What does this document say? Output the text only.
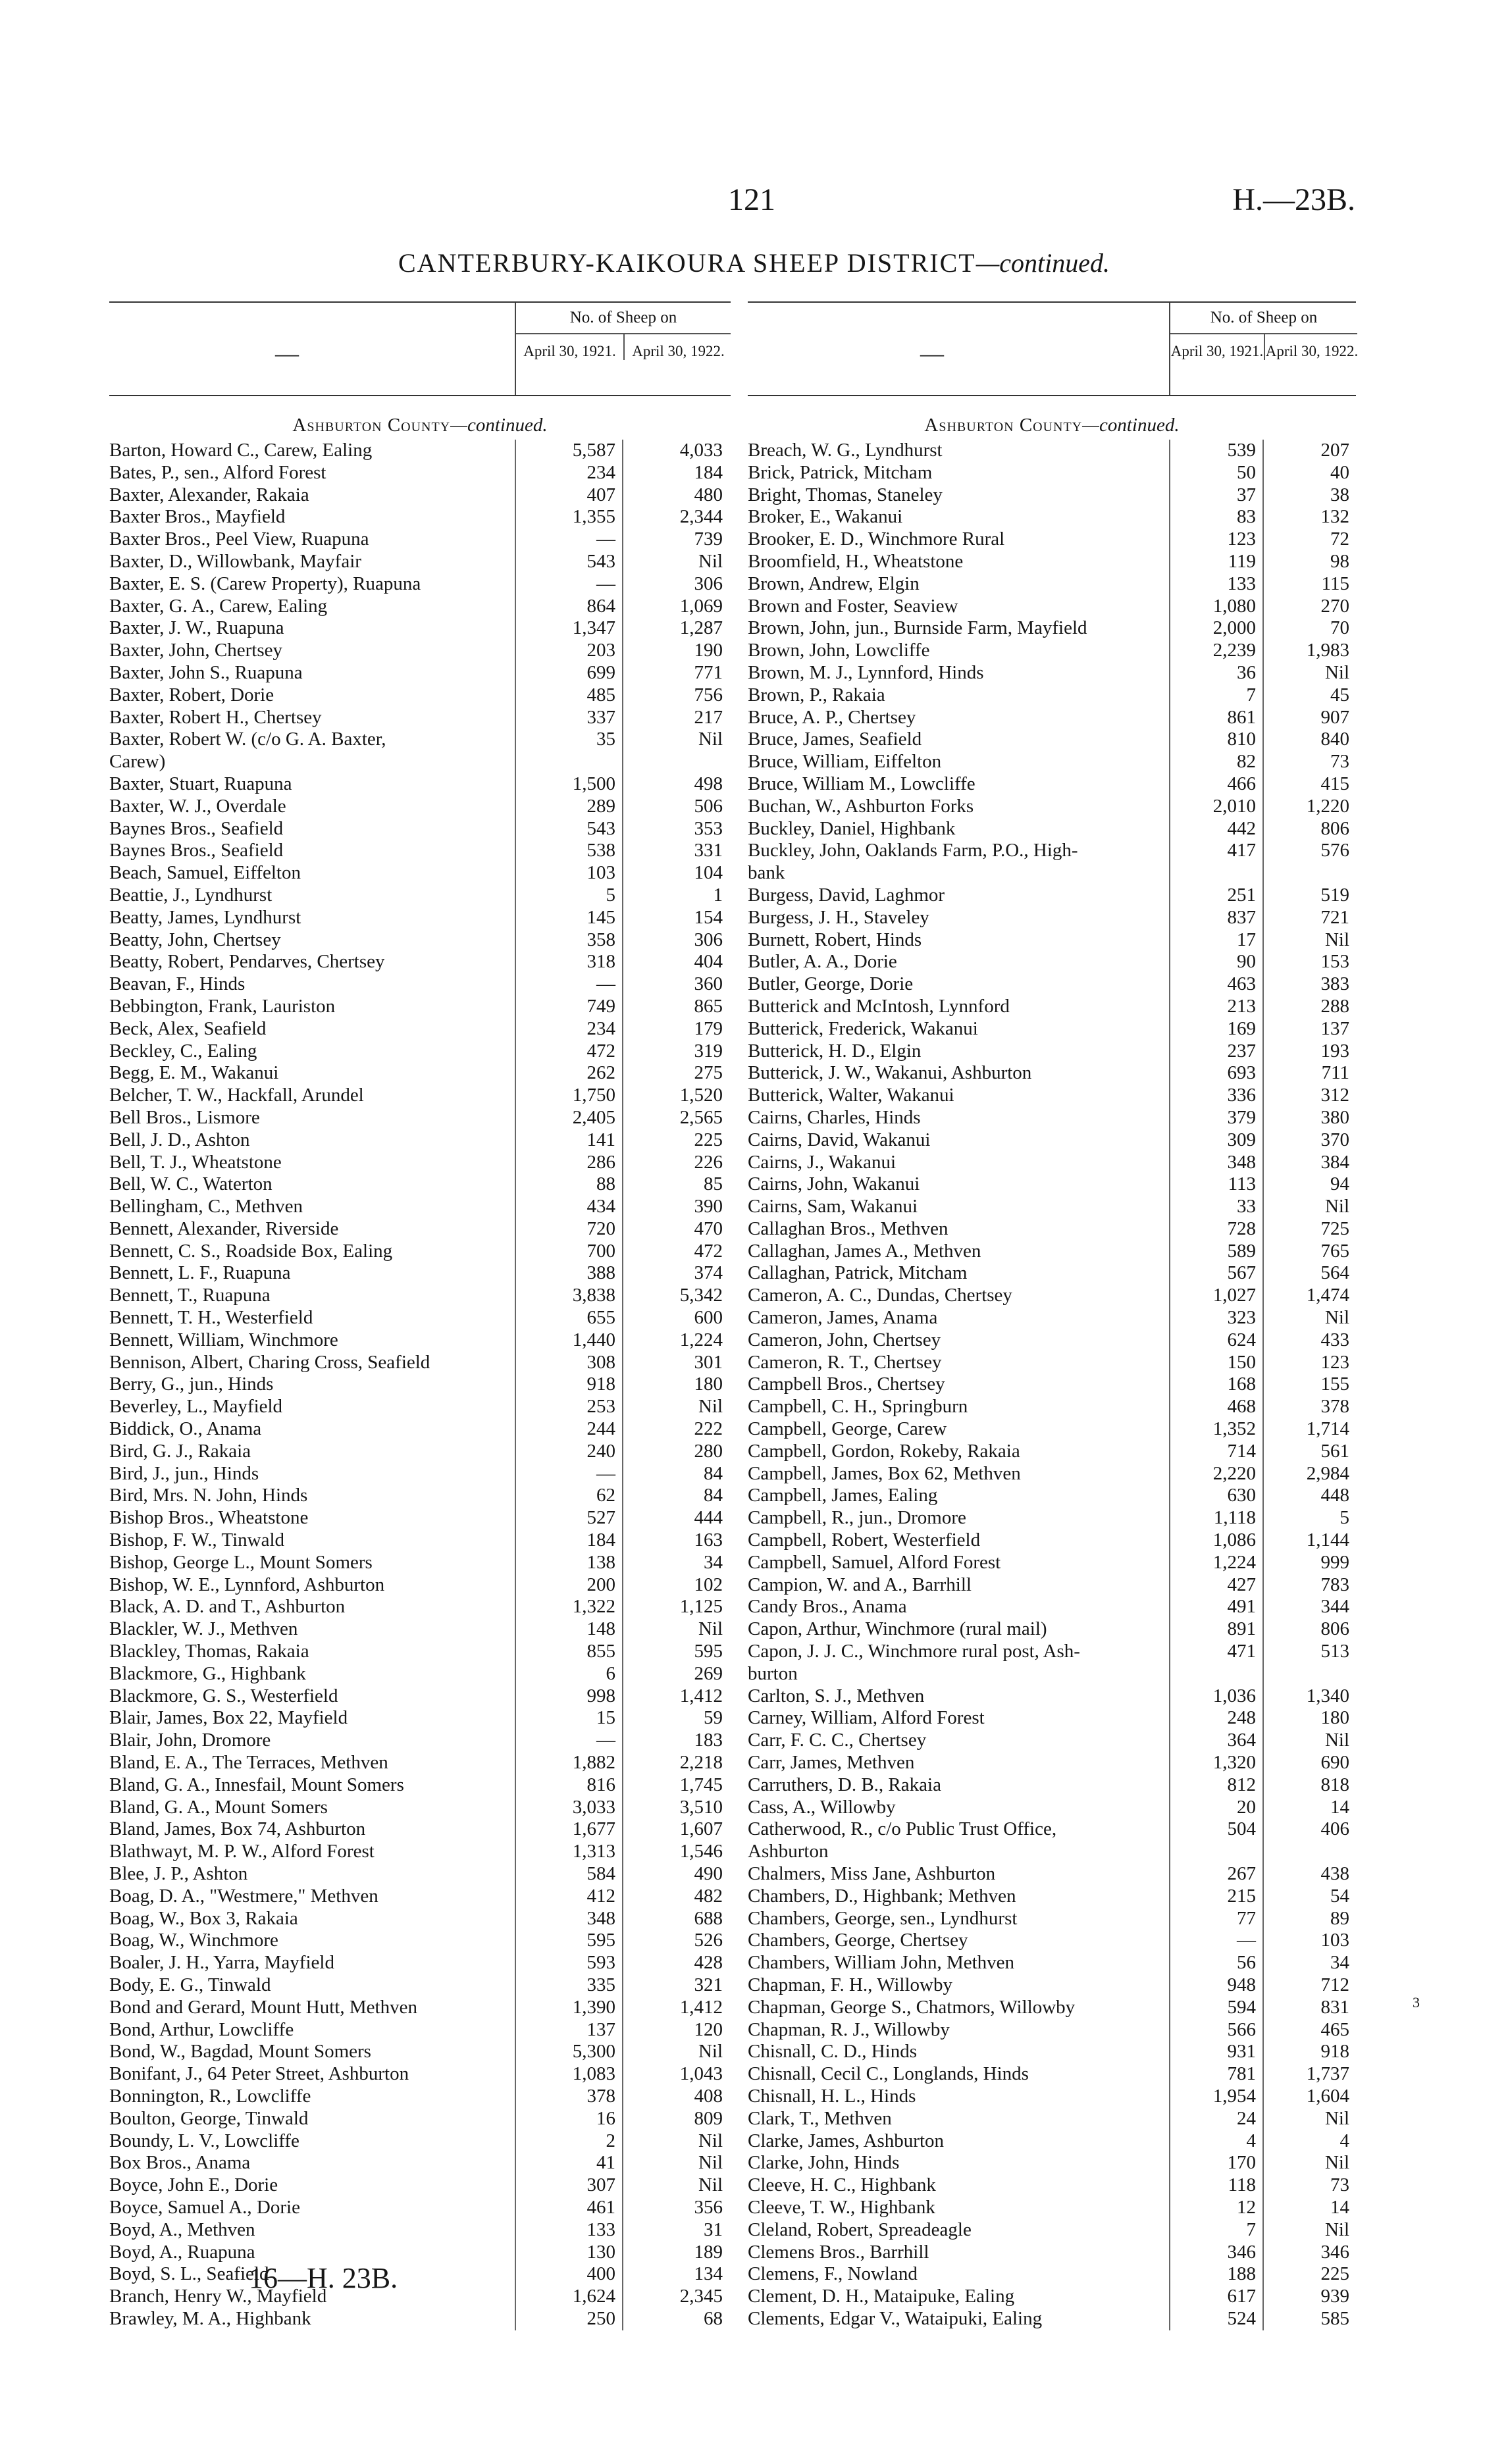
121	H.—23B.
CANTERBURY-KAIKOURA SHEEP DISTRICT—continued.
—
No. of Sheep on
April 30, 1921.	April 30, 1922.
Ashburton County—continued.
Barton, Howard C., Carew, Ealing	5,587	4,033
Bates, P., sen., Alford Forest	234	184
Baxter, Alexander, Rakaia	407	480
Baxter Bros., Mayfield	1,355	2,344
Baxter Bros., Peel View, Ruapuna	—	739
Baxter, D., Willowbank, Mayfair	543	Nil
Baxter, E. S. (Carew Property), Ruapuna	—	306
Baxter, G. A., Carew, Ealing	864	1,069
Baxter, J. W., Ruapuna	1,347	1,287
Baxter, John, Chertsey	203	190
Baxter, John S., Ruapuna	699	771
Baxter, Robert, Dorie	485	756
Baxter, Robert H., Chertsey	337	217
Baxter, Robert W. (c/o G. A. Baxter,	35	Nil
Carew)
Baxter, Stuart, Ruapuna	1,500	498
Baxter, W. J., Overdale	289	506
Baynes Bros., Seafield	543	353
Baynes Bros., Seafield	538	331
Beach, Samuel, Eiffelton	103	104
Beattie, J., Lyndhurst	5	1
Beatty, James, Lyndhurst	145	154
Beatty, John, Chertsey	358	306
Beatty, Robert, Pendarves, Chertsey	318	404
Beavan, F., Hinds	—	360
Bebbington, Frank, Lauriston	749	865
Beck, Alex, Seafield	234	179
Beckley, C., Ealing	472	319
Begg, E. M., Wakanui	262	275
Belcher, T. W., Hackfall, Arundel	1,750	1,520
Bell Bros., Lismore	2,405	2,565
Bell, J. D., Ashton	141	225
Bell, T. J., Wheatstone	286	226
Bell, W. C., Waterton	88	85
Bellingham, C., Methven	434	390
Bennett, Alexander, Riverside	720	470
Bennett, C. S., Roadside Box, Ealing	700	472
Bennett, L. F., Ruapuna	388	374
Bennett, T., Ruapuna	3,838	5,342
Bennett, T. H., Westerfield	655	600
Bennett, William, Winchmore	1,440	1,224
Bennison, Albert, Charing Cross, Seafield	308	301
Berry, G., jun., Hinds	918	180
Beverley, L., Mayfield	253	Nil
Biddick, O., Anama	244	222
Bird, G. J., Rakaia	240	280
Bird, J., jun., Hinds	—	84
Bird, Mrs. N. John, Hinds	62	84
Bishop Bros., Wheatstone	527	444
Bishop, F. W., Tinwald	184	163
Bishop, George L., Mount Somers	138	34
Bishop, W. E., Lynnford, Ashburton	200	102
Black, A. D. and T., Ashburton	1,322	1,125
Blackler, W. J., Methven	148	Nil
Blackley, Thomas, Rakaia	855	595
Blackmore, G., Highbank	6	269
Blackmore, G. S., Westerfield	998	1,412
Blair, James, Box 22, Mayfield	15	59
Blair, John, Dromore	—	183
Bland, E. A., The Terraces, Methven	1,882	2,218
Bland, G. A., Innesfail, Mount Somers	816	1,745
Bland, G. A., Mount Somers	3,033	3,510
Bland, James, Box 74, Ashburton	1,677	1,607
Blathwayt, M. P. W., Alford Forest	1,313	1,546
Blee, J. P., Ashton	584	490
Boag, D. A., "Westmere," Methven	412	482
Boag, W., Box 3, Rakaia	348	688
Boag, W., Winchmore	595	526
Boaler, J. H., Yarra, Mayfield	593	428
Body, E. G., Tinwald	335	321
Bond and Gerard, Mount Hutt, Methven	1,390	1,412
Bond, Arthur, Lowcliffe	137	120
Bond, W., Bagdad, Mount Somers	5,300	Nil
Bonifant, J., 64 Peter Street, Ashburton	1,083	1,043
Bonnington, R., Lowcliffe	378	408
Boulton, George, Tinwald	16	809
Boundy, L. V., Lowcliffe	2	Nil
Box Bros., Anama	41	Nil
Boyce, John E., Dorie	307	Nil
Boyce, Samuel A., Dorie	461	356
Boyd, A., Methven	133	31
Boyd, A., Ruapuna	130	189
Boyd, S. L., Seafield	400	134
Branch, Henry W., Mayfield	1,624	2,345
Brawley, M. A., Highbank	250	68
—
No. of Sheep on
April 30, 1921. April 30, 1922.
Ashburton County—continued.
Breach, W. G., Lyndhurst	539	207
Brick, Patrick, Mitcham	50	40
Bright, Thomas, Staneley	37	38
Broker, E., Wakanui	83	132
Brooker, E. D., Winchmore Rural	123	72
Broomfield, H., Wheatstone	119	98
Brown, Andrew, Elgin	133	115
Brown and Foster, Seaview	1,080	270
Brown, John, jun., Burnside Farm, Mayfield	2,000	70
Brown, John, Lowcliffe	2,239	1,983
Brown, M. J., Lynnford, Hinds	36	Nil
Brown, P., Rakaia	7	45
Bruce, A. P., Chertsey	861	907
Bruce, James, Seafield	810	840
Bruce, William, Eiffelton	82	73
Bruce, William M., Lowcliffe	466	415
Buchan, W., Ashburton Forks	2,010	1,220
Buckley, Daniel, Highbank	442	806
Buckley, John, Oaklands Farm, P.O., High-	417	576
bank
Burgess, David, Laghmor	251	519
Burgess, J. H., Staveley	837	721
Burnett, Robert, Hinds	17	Nil
Butler, A. A., Dorie	90	153
Butler, George, Dorie	463	383
Butterick and McIntosh, Lynnford	213	288
Butterick, Frederick, Wakanui	169	137
Butterick, H. D., Elgin	237	193
Butterick, J. W., Wakanui, Ashburton	693	711
Butterick, Walter, Wakanui	336	312
Cairns, Charles, Hinds	379	380
Cairns, David, Wakanui	309	370
Cairns, J., Wakanui	348	384
Cairns, John, Wakanui	113	94
Cairns, Sam, Wakanui	33	Nil
Callaghan Bros., Methven	728	725
Callaghan, James A., Methven	589	765
Callaghan, Patrick, Mitcham	567	564
Cameron, A. C., Dundas, Chertsey	1,027	1,474
Cameron, James, Anama	323	Nil
Cameron, John, Chertsey	624	433
Cameron, R. T., Chertsey	150	123
Campbell Bros., Chertsey	168	155
Campbell, C. H., Springburn	468	378
Campbell, George, Carew	1,352	1,714
Campbell, Gordon, Rokeby, Rakaia	714	561
Campbell, James, Box 62, Methven	2,220	2,984
Campbell, James, Ealing	630	448
Campbell, R., jun., Dromore	1,118	5
Campbell, Robert, Westerfield	1,086	1,144
Campbell, Samuel, Alford Forest	1,224	999
Campion, W. and A., Barrhill	427	783
Candy Bros., Anama	491	344
Capon, Arthur, Winchmore (rural mail)	891	806
Capon, J. J. C., Winchmore rural post, Ash-	471	513
burton
Carlton, S. J., Methven	1,036	1,340
Carney, William, Alford Forest	248	180
Carr, F. C. C., Chertsey	364	Nil
Carr, James, Methven	1,320	690
Carruthers, D. B., Rakaia	812	818
Cass, A., Willowby	20	14
Catherwood, R., c/o Public Trust Office,	504	406
Ashburton
Chalmers, Miss Jane, Ashburton	267	438
Chambers, D., Highbank; Methven	215	54
Chambers, George, sen., Lyndhurst	77	89
Chambers, George, Chertsey	—	103
Chambers, William John, Methven	56	34
Chapman, F. H., Willowby	948	712
Chapman, George S., Chatmors, Willowby	594	831
Chapman, R. J., Willowby	566	465
Chisnall, C. D., Hinds	931	918
Chisnall, Cecil C., Longlands, Hinds	781	1,737
Chisnall, H. L., Hinds	1,954	1,604
Clark, T., Methven	24	Nil
Clarke, James, Ashburton	4	4
Clarke, John, Hinds	170	Nil
Cleeve, H. C., Highbank	118	73
Cleeve, T. W., Highbank	12	14
Cleland, Robert, Spreadeagle	7	Nil
Clemens Bros., Barrhill	346	346
Clemens, F., Nowland	188	225
Clement, D. H., Mataipuke, Ealing	617	939
Clements, Edgar V., Wataipuki, Ealing	524	585
3
16—H. 23B.
